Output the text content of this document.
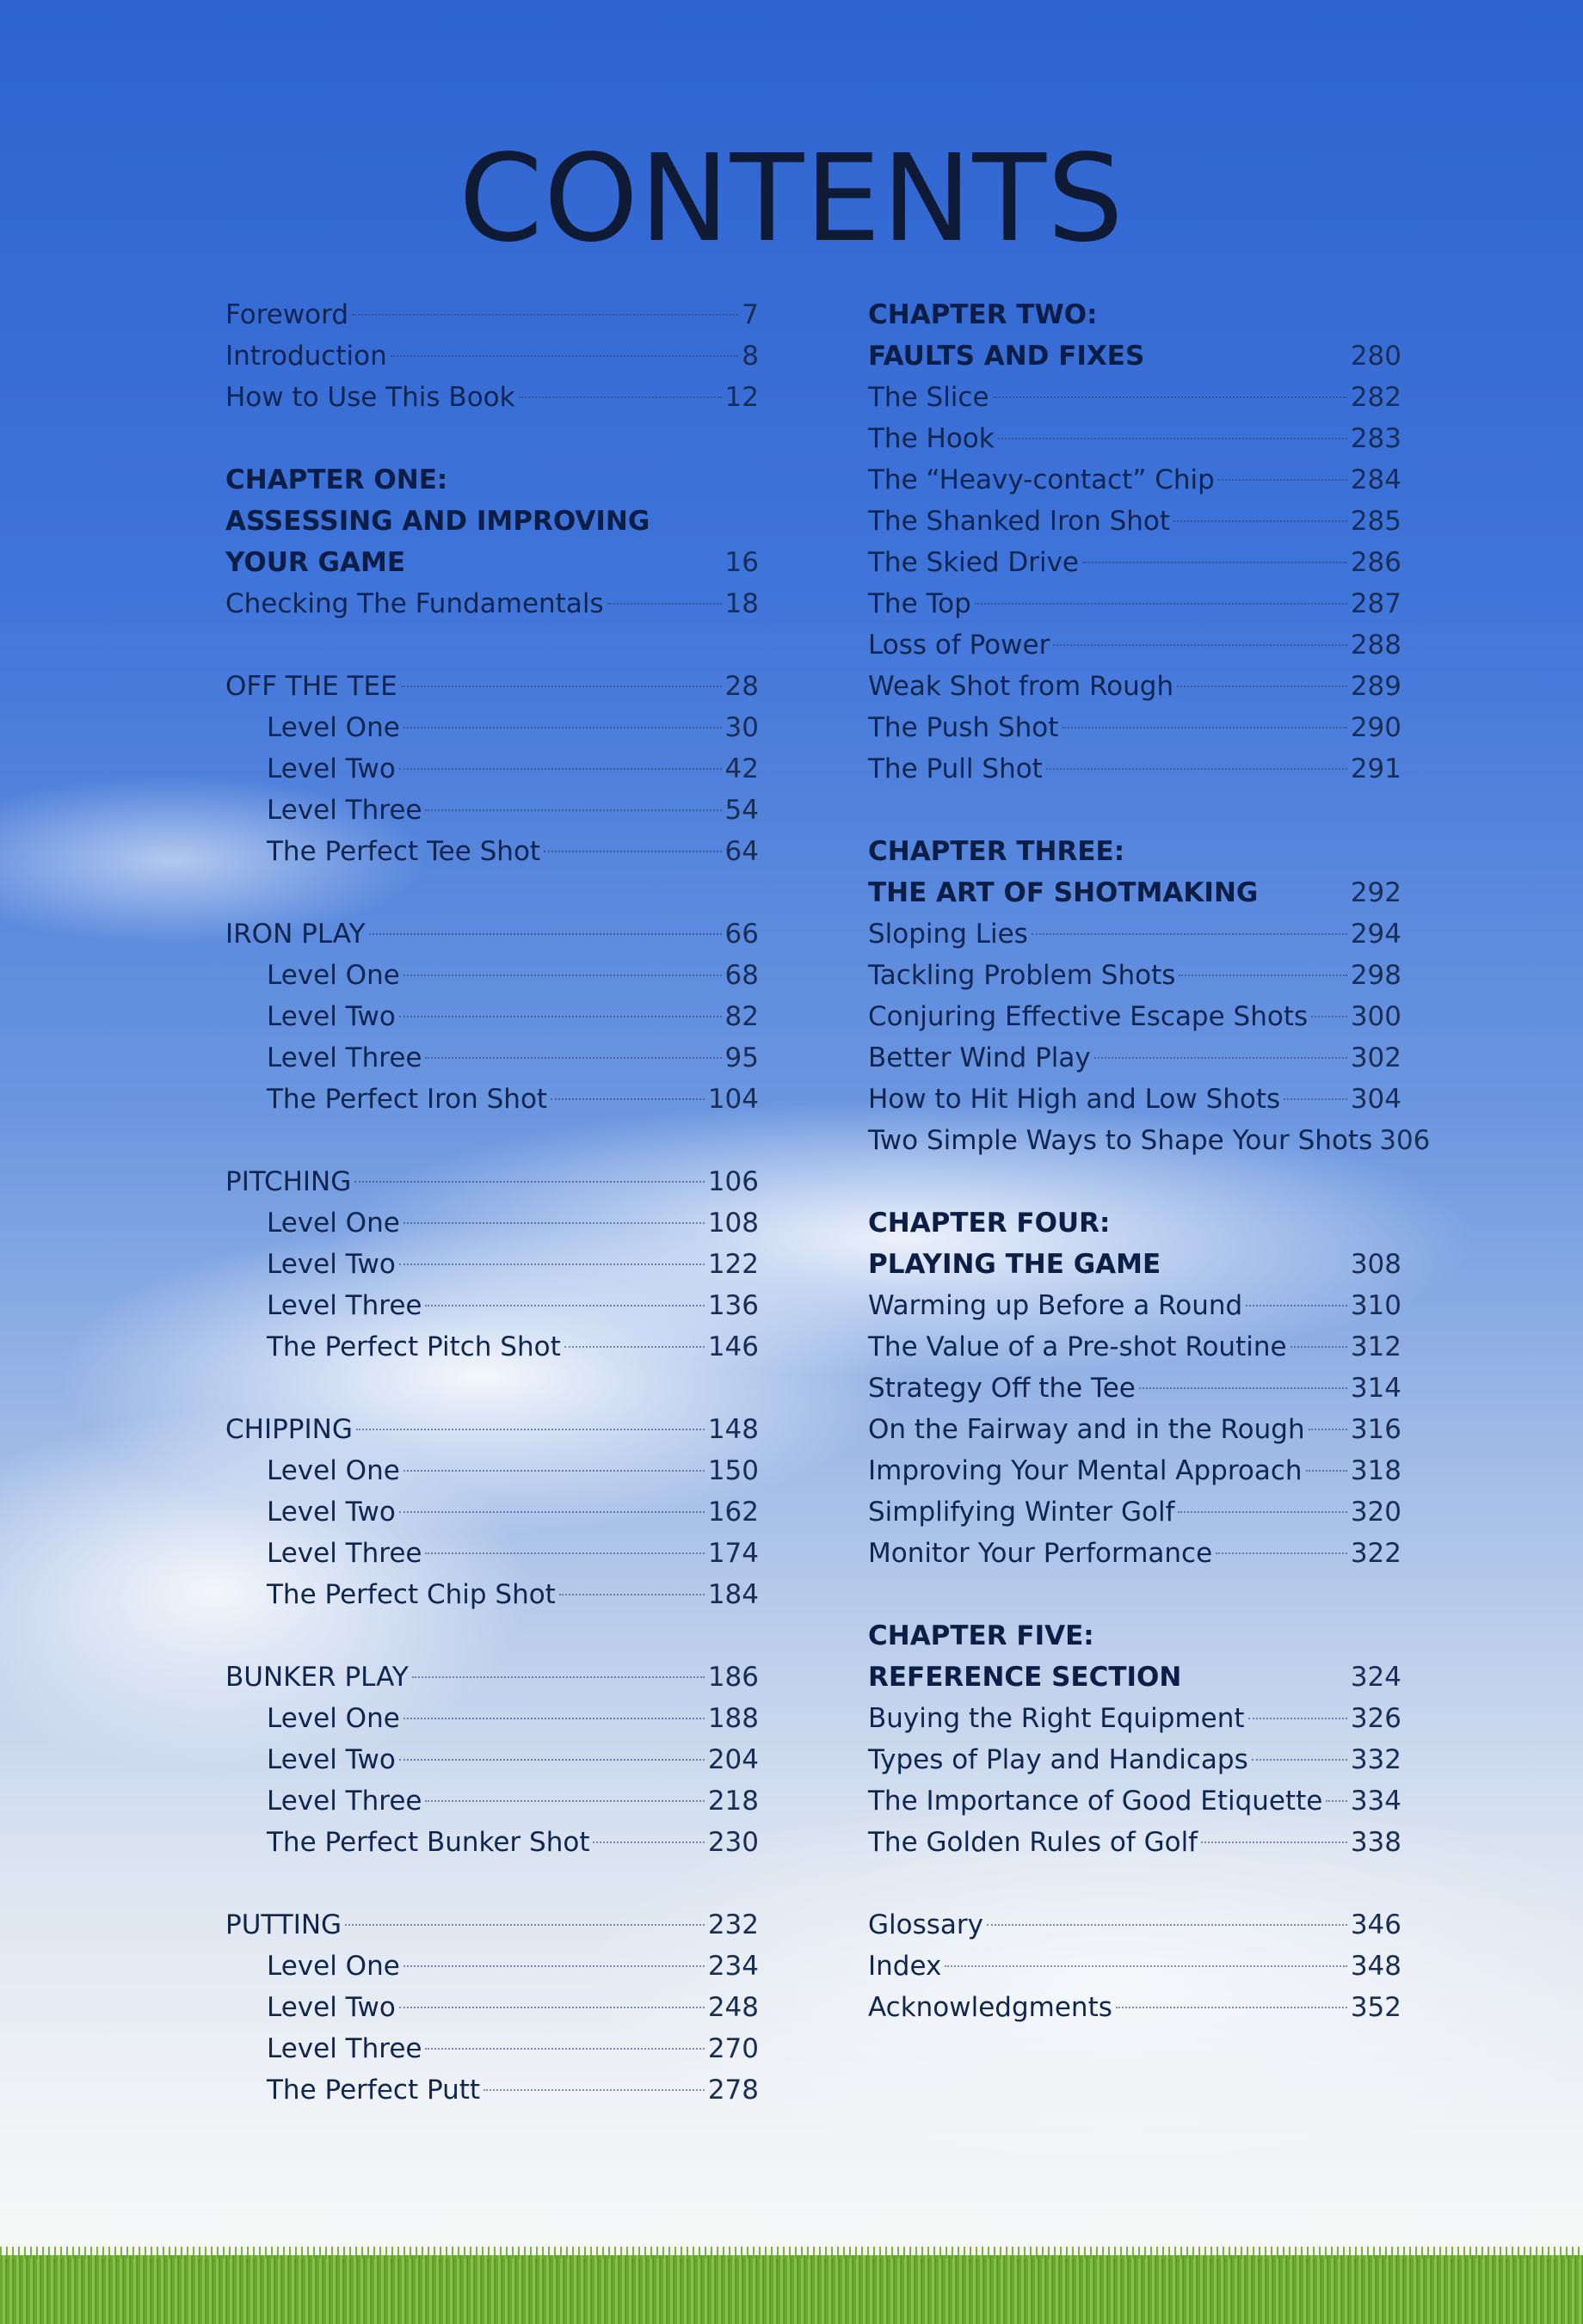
CONTENTS
Foreword	7
Introduction	8
How to Use This Book	12
CHAPTER ONE:
ASSESSING AND IMPROVING
YOUR GAME	16
Checking The Fundamentals	18
OFF THE TEE	28
Level One	30
Level Two	42
Level Three	54
The Perfect Tee Shot	64
IRON PLAY	66
Level One	68
Level Two	82
Level Three	95
The Perfect Iron Shot	104
PITCHING	106
Level One	108
Level Two	122
Level Three	136
The Perfect Pitch Shot	146
CHIPPING	148
Level One	150
Level Two	162
Level Three	174
The Perfect Chip Shot	184
BUNKER PLAY	186
Level One	188
Level Two	204
Level Three	218
The Perfect Bunker Shot	230
PUTTING	232
Level One	234
Level Two	248
Level Three	270
The Perfect Putt	278
CHAPTER TWO:
FAULTS AND FIXES	280
The Slice	282
The Hook	283
The “Heavy-contact” Chip	284
The Shanked Iron Shot	285
The Skied Drive	286
The Top	287
Loss of Power	288
Weak Shot from Rough	289
The Push Shot	290
The Pull Shot	291
CHAPTER THREE:
THE ART OF SHOTMAKING	292
Sloping Lies	294
Tackling Problem Shots	298
Conjuring Effective Escape Shots 300
Better Wind Play	302
How to Hit High and Low Shots	304
Two Simple Ways to Shape Your Shots 306
CHAPTER FOUR:
PLAYING THE GAME	308
Warming up Before a Round	310
The Value of a Pre-shot Routine 312
Strategy Off the Tee	314
On the Fairway and in the Rough 316
Improving Your Mental Approach 318
Simplifying Winter Golf	320
Monitor Your Performance	322
CHAPTER FIVE:
REFERENCE SECTION	324
Buying the Right Equipment	326
Types of Play and Handicaps	332
The Importance of Good Etiquette 334
The Golden Rules of Golf	338
Glossary	346
Index	348
Acknowledgments	352
